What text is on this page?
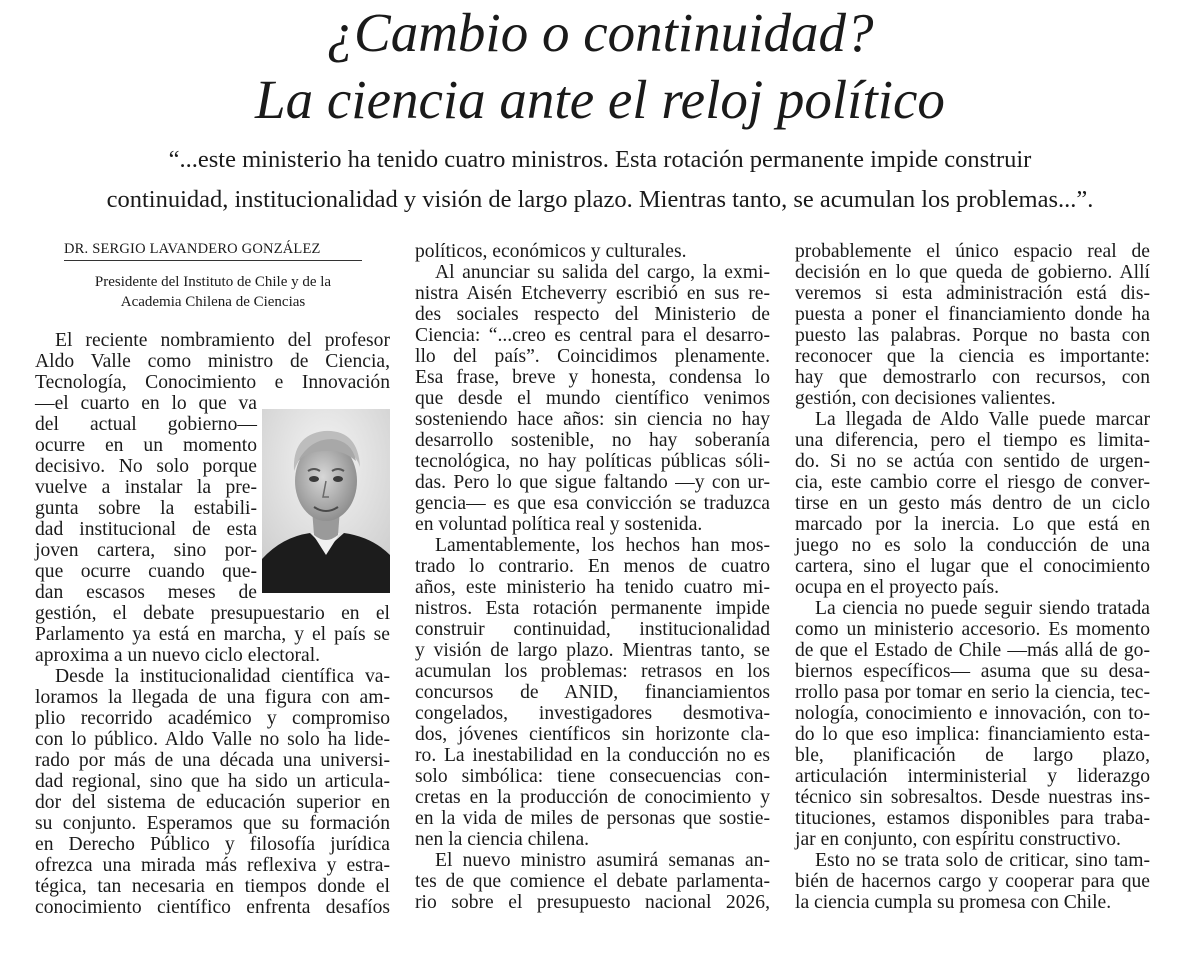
¿Cambio o continuidad?
La ciencia ante el reloj político

“...este ministerio ha tenido cuatro ministros. Esta rotación permanente impide construir

continuidad, institucionalidad y visión de largo plazo. Mientras tanto, se acumulan los problemas...”.

DR. SERGIO LAVANDERO GONZÁLEZ
Presidente del Instituto de Chile y de la
Academia Chilena de Ciencias
El reciente nombramiento del profesor
Aldo Valle como ministro de Ciencia,
Tecnología, Conocimiento e Innovación
—el cuarto en lo que va
del actual gobierno—
ocurre en un momento
decisivo. No solo porque
vuelve a instalar la pre-
gunta sobre la estabili-
dad institucional de esta
joven cartera, sino por-
que ocurre cuando que-
dan escasos meses de
gestión, el debate presupuestario en el
Parlamento ya está en marcha, y el país se
aproxima a un nuevo ciclo electoral.
Desde la institucionalidad científica va-
loramos la llegada de una figura con am-
plio recorrido académico y compromiso
con lo público. Aldo Valle no solo ha lide-
rado por más de una década una universi-
dad regional, sino que ha sido un articula-
dor del sistema de educación superior en
su conjunto. Esperamos que su formación
en Derecho Público y filosofía jurídica
ofrezca una mirada más reflexiva y estra-
tégica, tan necesaria en tiempos donde el
conocimiento científico enfrenta desafíos
políticos, económicos y culturales.
Al anunciar su salida del cargo, la exmi-
nistra Aisén Etcheverry escribió en sus re-
des sociales respecto del Ministerio de
Ciencia: “...creo es central para el desarro-
llo del país”. Coincidimos plenamente.
Esa frase, breve y honesta, condensa lo
que desde el mundo científico venimos
sosteniendo hace años: sin ciencia no hay
desarrollo sostenible, no hay soberanía
tecnológica, no hay políticas públicas sóli-
das. Pero lo que sigue faltando —y con ur-
gencia— es que esa convicción se traduzca
en voluntad política real y sostenida.
Lamentablemente, los hechos han mos-
trado lo contrario. En menos de cuatro
años, este ministerio ha tenido cuatro mi-
nistros. Esta rotación permanente impide
construir continuidad, institucionalidad
y visión de largo plazo. Mientras tanto, se
acumulan los problemas: retrasos en los
concursos de ANID, financiamientos
congelados, investigadores desmotiva-
dos, jóvenes científicos sin horizonte cla-
ro. La inestabilidad en la conducción no es
solo simbólica: tiene consecuencias con-
cretas en la producción de conocimiento y
en la vida de miles de personas que sostie-
nen la ciencia chilena.
El nuevo ministro asumirá semanas an-
tes de que comience el debate parlamenta-
rio sobre el presupuesto nacional 2026,
probablemente el único espacio real de
decisión en lo que queda de gobierno. Allí
veremos si esta administración está dis-
puesta a poner el financiamiento donde ha
puesto las palabras. Porque no basta con
reconocer que la ciencia es importante:
hay que demostrarlo con recursos, con
gestión, con decisiones valientes.
La llegada de Aldo Valle puede marcar
una diferencia, pero el tiempo es limita-
do. Si no se actúa con sentido de urgen-
cia, este cambio corre el riesgo de conver-
tirse en un gesto más dentro de un ciclo
marcado por la inercia. Lo que está en
juego no es solo la conducción de una
cartera, sino el lugar que el conocimiento
ocupa en el proyecto país.
La ciencia no puede seguir siendo tratada
como un ministerio accesorio. Es momento
de que el Estado de Chile —más allá de go-
biernos específicos— asuma que su desa-
rrollo pasa por tomar en serio la ciencia, tec-
nología, conocimiento e innovación, con to-
do lo que eso implica: financiamiento esta-
ble, planificación de largo plazo,
articulación interministerial y liderazgo
técnico sin sobresaltos. Desde nuestras ins-
tituciones, estamos disponibles para traba-
jar en conjunto, con espíritu constructivo.
Esto no se trata solo de criticar, sino tam-
bién de hacernos cargo y cooperar para que
la ciencia cumpla su promesa con Chile.
